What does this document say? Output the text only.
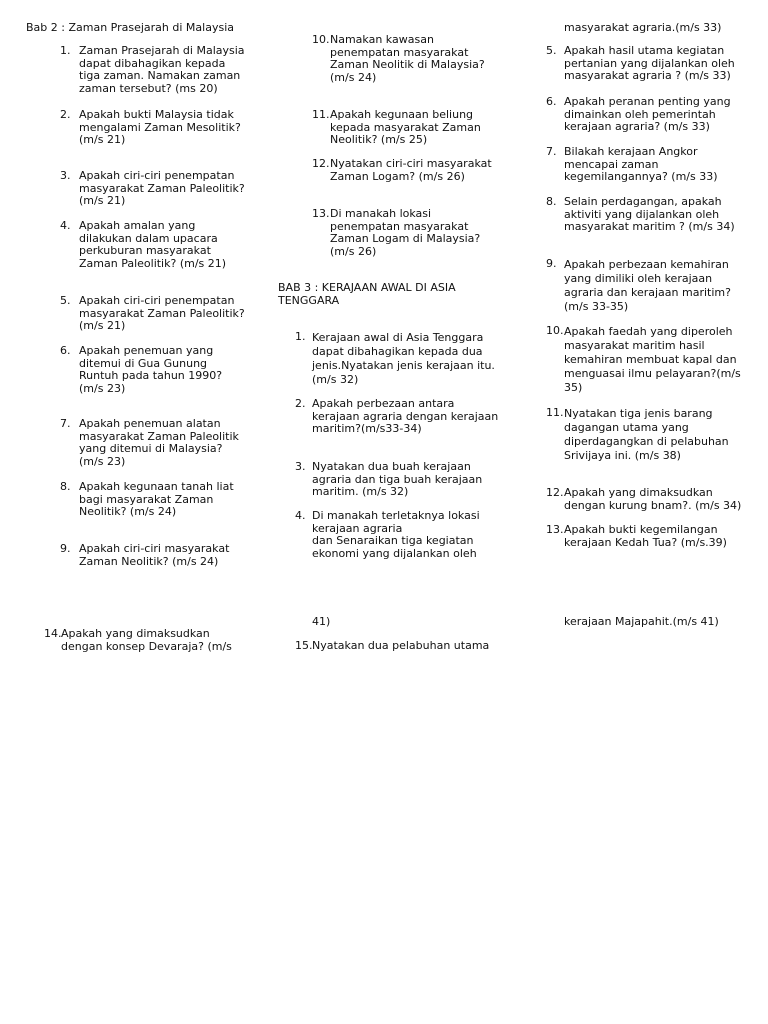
Bab 2 : Zaman Prasejarah di Malaysia
1. Zaman Prasejarah di Malaysia
dapat dibahagikan kepada
tiga zaman. Namakan zaman
zaman tersebut? (ms 20)
2. Apakah bukti Malaysia tidak
mengalami Zaman Mesolitik?
(m/s 21)
3. Apakah ciri-ciri penempatan
masyarakat Zaman Paleolitik?
(m/s 21)
4. Apakah amalan yang
dilakukan dalam upacara
perkuburan masyarakat
Zaman Paleolitik? (m/s 21)
5. Apakah ciri-ciri penempatan
masyarakat Zaman Paleolitik?
(m/s 21)
6. Apakah penemuan yang
ditemui di Gua Gunung
Runtuh pada tahun 1990?
(m/s 23)
7. Apakah penemuan alatan
masyarakat Zaman Paleolitik
yang ditemui di Malaysia?
(m/s 23)
8. Apakah kegunaan tanah liat
bagi masyarakat Zaman
Neolitik? (m/s 24)
9. Apakah ciri-ciri masyarakat
Zaman Neolitik? (m/s 24)
14. Apakah yang dimaksudkan
dengan konsep Devaraja? (m/s
10. Namakan kawasan
penempatan masyarakat
Zaman Neolitik di Malaysia?
(m/s 24)
11. Apakah kegunaan beliung
kepada masyarakat Zaman
Neolitik? (m/s 25)
12. Nyatakan ciri-ciri masyarakat
Zaman Logam? (m/s 26)
13. Di manakah lokasi
penempatan masyarakat
Zaman Logam di Malaysia?
(m/s 26)
BAB 3 : KERAJAAN AWAL DI ASIA TENGGARA
1. Kerajaan awal di Asia Tenggara
dapat dibahagikan kepada dua
jenis.Nyatakan jenis kerajaan itu.
(m/s 32)
2. Apakah perbezaan antara
kerajaan agraria dengan kerajaan
maritim?(m/s33-34)
3. Nyatakan dua buah kerajaan
agraria dan tiga buah kerajaan
maritim. (m/s 32)
4. Di manakah terletaknya lokasi
kerajaan agraria
dan Senaraikan tiga kegiatan
ekonomi yang dijalankan oleh
41)
15. Nyatakan dua pelabuhan utama
masyarakat agraria.(m/s 33)
5. Apakah hasil utama kegiatan
pertanian yang dijalankan oleh
masyarakat agraria ? (m/s 33)
6. Apakah peranan penting yang
dimainkan oleh pemerintah
kerajaan agraria? (m/s 33)
7. Bilakah kerajaan Angkor
mencapai zaman
kegemilangannya? (m/s 33)
8. Selain perdagangan, apakah
aktiviti yang dijalankan oleh
masyarakat maritim ? (m/s 34)
9. Apakah perbezaan kemahiran
yang dimiliki oleh kerajaan
agraria dan kerajaan maritim?
(m/s 33-35)
10. Apakah faedah yang diperoleh
masyarakat maritim hasil
kemahiran membuat kapal dan
menguasai ilmu pelayaran?(m/s
35)
11. Nyatakan tiga jenis barang
dagangan utama yang
diperdagangkan di pelabuhan
Srivijaya ini. (m/s 38)
12. Apakah yang dimaksudkan
dengan kurung bnam?. (m/s 34)
13. Apakah bukti kegemilangan
kerajaan Kedah Tua? (m/s.39)
kerajaan Majapahit.(m/s 41)
